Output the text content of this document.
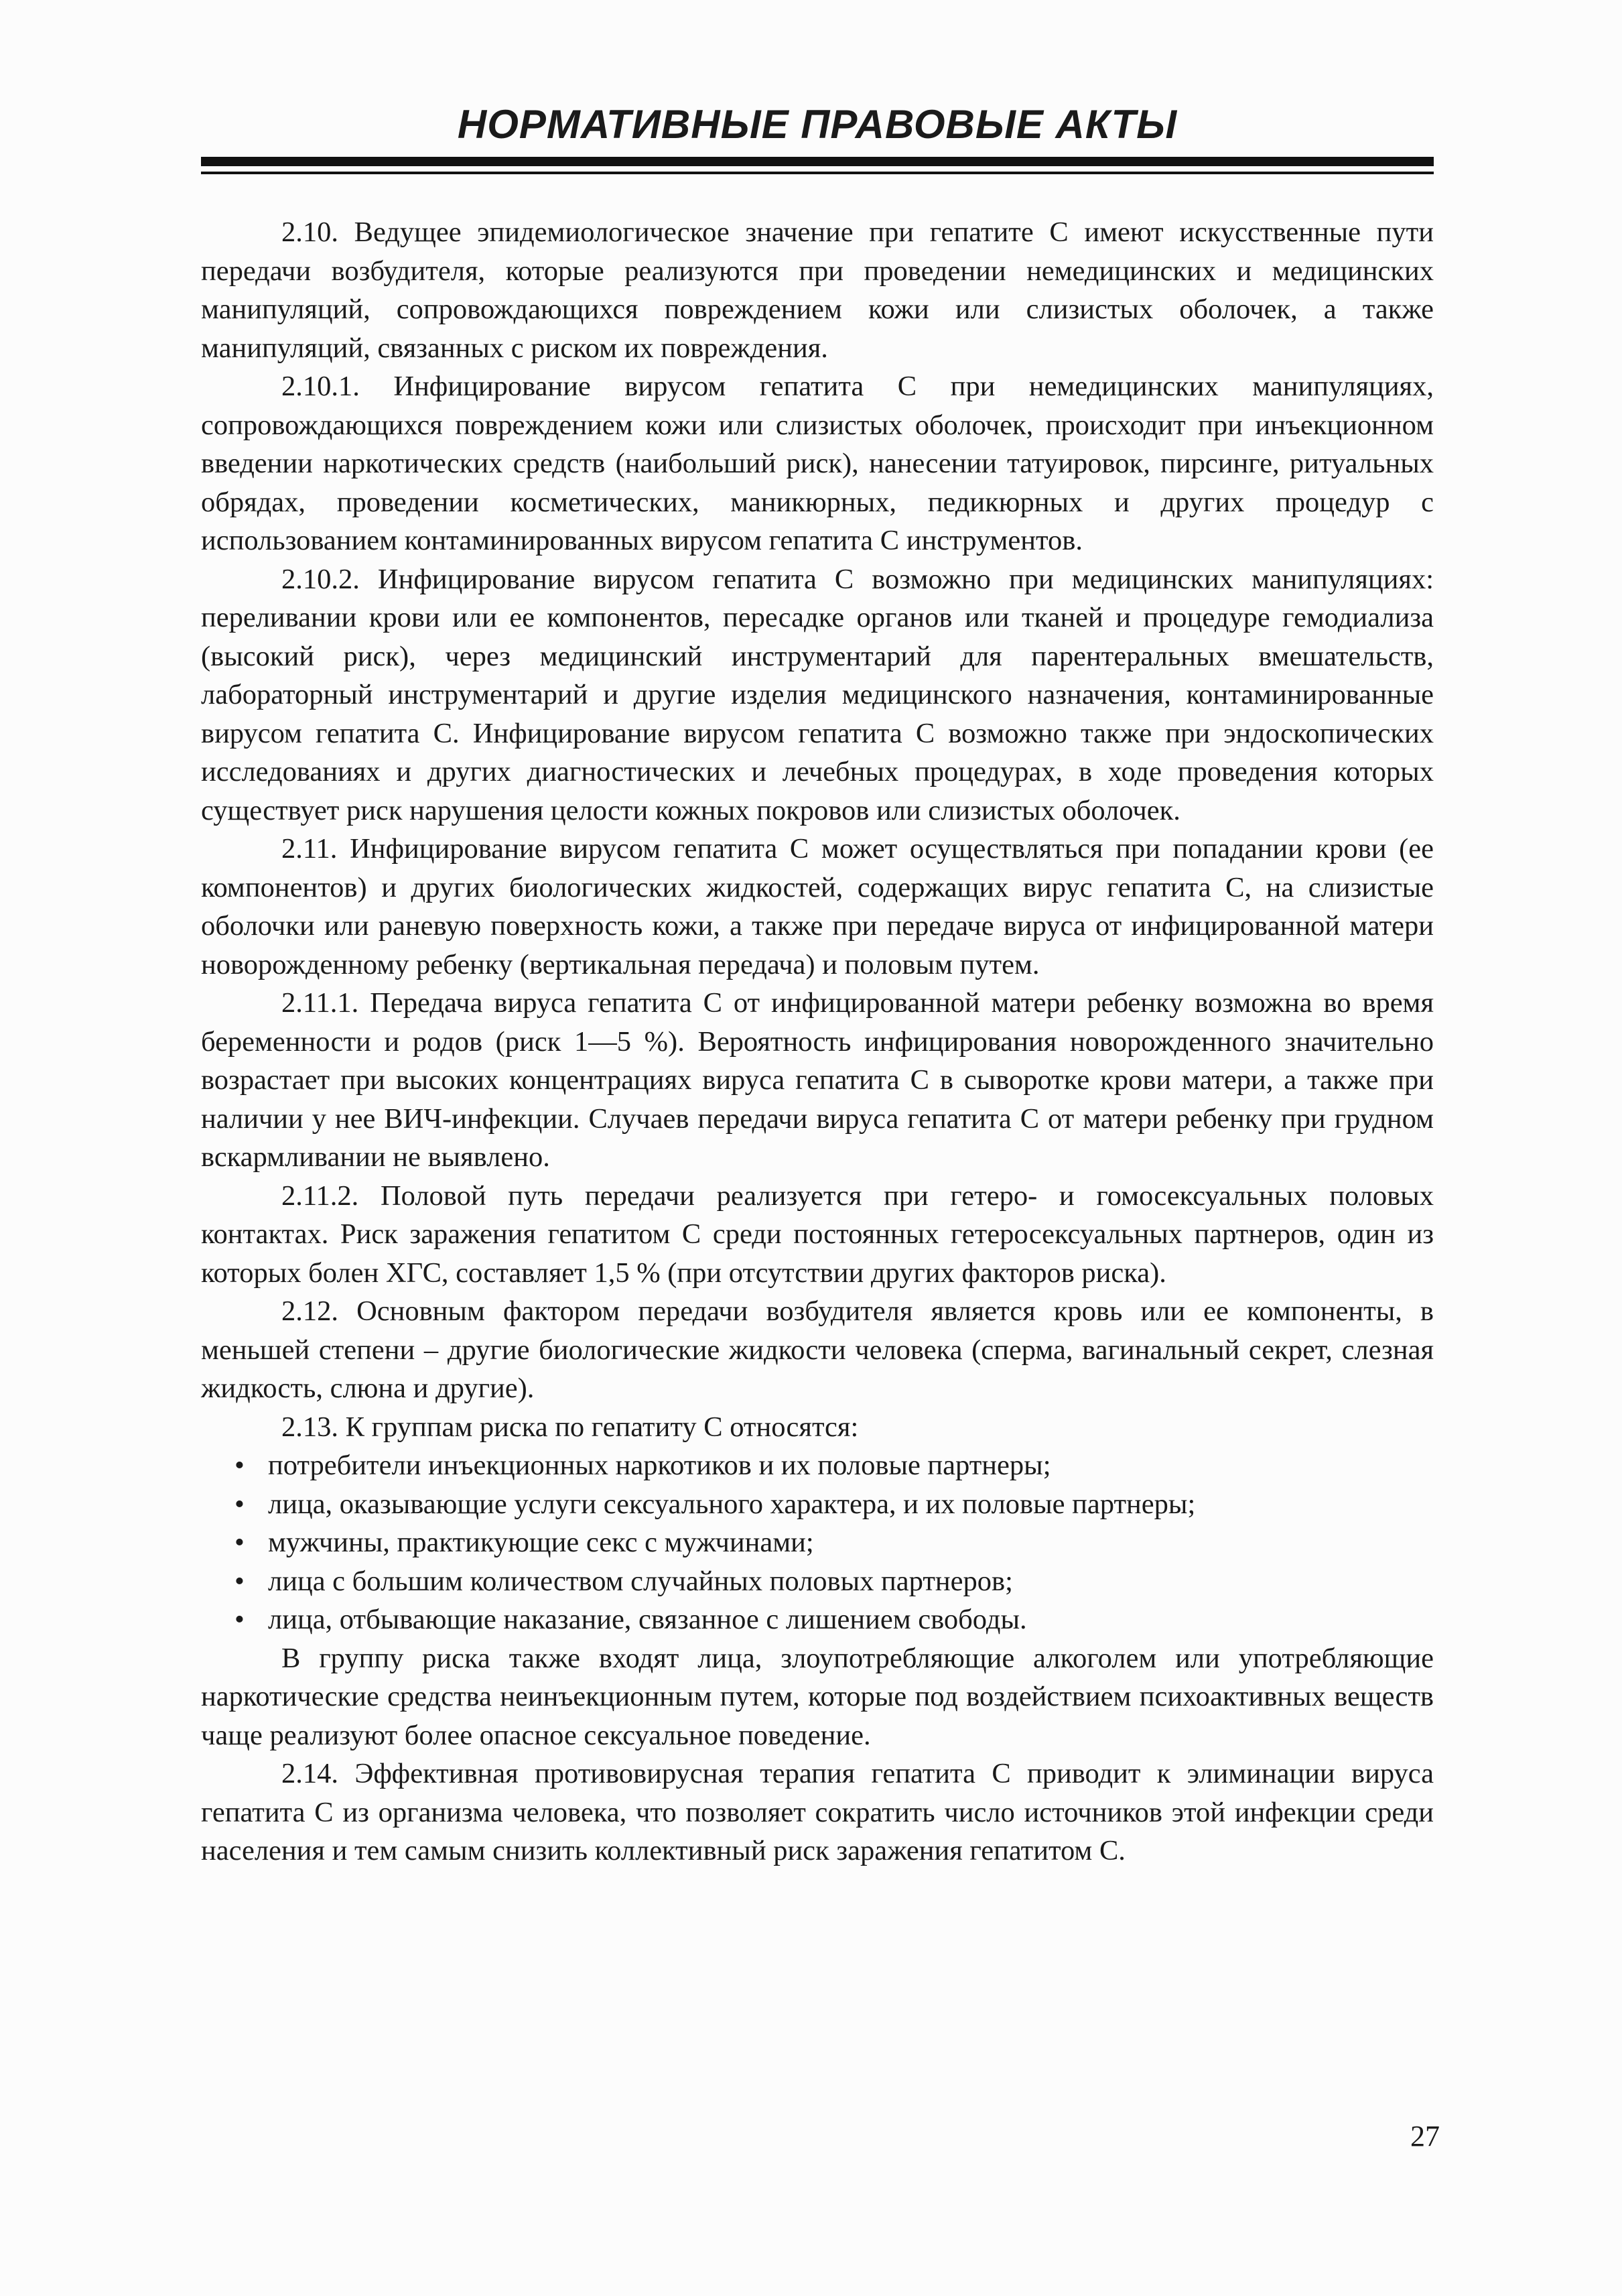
НОРМАТИВНЫЕ ПРАВОВЫЕ АКТЫ

2.10. Ведущее эпидемиологическое значение при гепатите С имеют искусственные пути передачи возбудителя, которые реализуются при проведении немедицинских и медицинских манипуляций, сопровождающихся повреждением кожи или слизистых оболочек, а также манипуляций, связанных с риском их повреждения.

2.10.1. Инфицирование вирусом гепатита С при немедицинских манипуляциях, сопровождающихся повреждением кожи или слизистых оболочек, происходит при инъекционном введении наркотических средств (наибольший риск), нанесении татуировок, пирсинге, ритуальных обрядах, проведении косметических, маникюрных, педикюрных и других процедур с использованием контаминированных вирусом гепатита С инструментов.

2.10.2. Инфицирование вирусом гепатита С возможно при медицинских манипуляциях: переливании крови или ее компонентов, пересадке органов или тканей и процедуре гемодиализа (высокий риск), через медицинский инструментарий для парентеральных вмешательств, лабораторный инструментарий и другие изделия медицинского назначения, контаминированные вирусом гепатита С. Инфицирование вирусом гепатита С возможно также при эндоскопических исследованиях и других диагностических и лечебных процедурах, в ходе проведения которых существует риск нарушения целости кожных покровов или слизистых оболочек.

2.11. Инфицирование вирусом гепатита С может осуществляться при попадании крови (ее компонентов) и других биологических жидкостей, содержащих вирус гепатита С, на слизистые оболочки или раневую поверхность кожи, а также при передаче вируса от инфицированной матери новорожденному ребенку (вертикальная передача) и половым путем.

2.11.1. Передача вируса гепатита С от инфицированной матери ребенку возможна во время беременности и родов (риск 1—5 %). Вероятность инфицирования новорожденного значительно возрастает при высоких концентрациях вируса гепатита С в сыворотке крови матери, а также при наличии у нее ВИЧ-инфекции. Случаев передачи вируса гепатита С от матери ребенку при грудном вскармливании не выявлено.

2.11.2. Половой путь передачи реализуется при гетеро- и гомосексуальных половых контактах. Риск заражения гепатитом С среди постоянных гетеросексуальных партнеров, один из которых болен ХГС, составляет 1,5 % (при отсутствии других факторов риска).

2.12. Основным фактором передачи возбудителя является кровь или ее компоненты, в меньшей степени – другие биологические жидкости человека (сперма, вагинальный секрет, слезная жидкость, слюна и другие).

2.13. К группам риска по гепатиту С относятся:

• потребители инъекционных наркотиков и их половые партнеры;
• лица, оказывающие услуги сексуального характера, и их половые партнеры;
• мужчины, практикующие секс с мужчинами;
• лица с большим количеством случайных половых партнеров;
• лица, отбывающие наказание, связанное с лишением свободы.

В группу риска также входят лица, злоупотребляющие алкоголем или употребляющие наркотические средства неинъекционным путем, которые под воздействием психоактивных веществ чаще реализуют более опасное сексуальное поведение.

2.14. Эффективная противовирусная терапия гепатита С приводит к элиминации вируса гепатита С из организма человека, что позволяет сократить число источников этой инфекции среди населения и тем самым снизить коллективный риск заражения гепатитом С.

27
